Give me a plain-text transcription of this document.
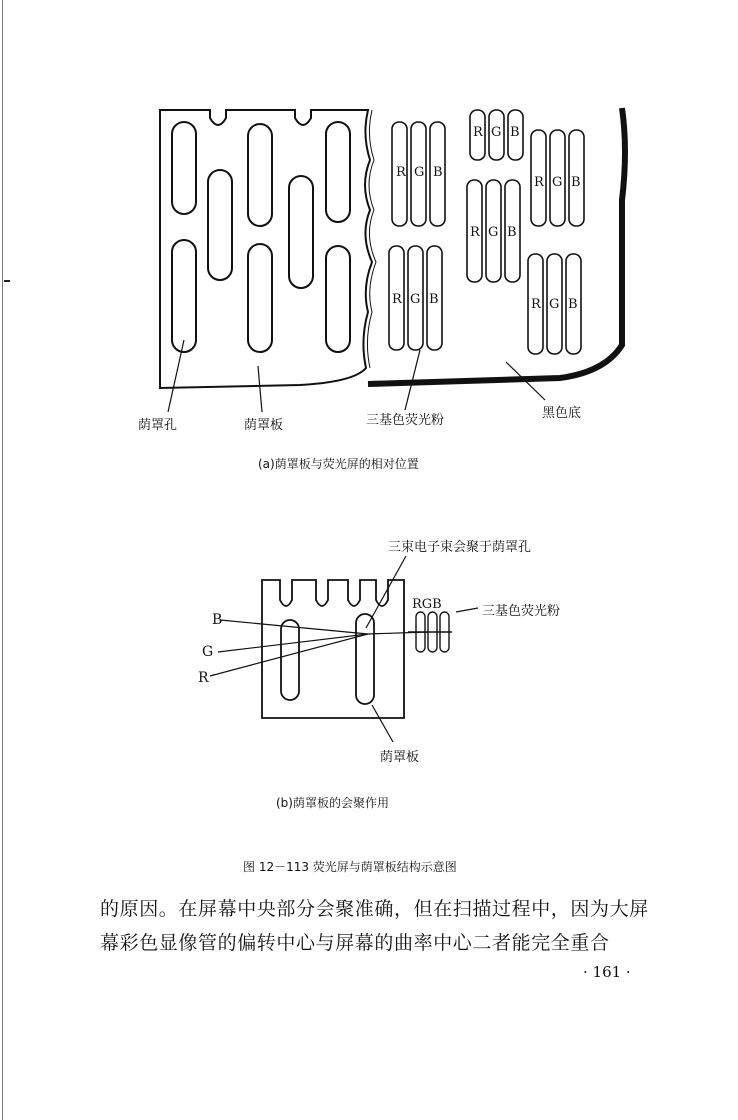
R G B
R G B
R G B
R G B
R G B	R G B
B
G
R
RGB
荫罩孔	荫罩板	三基色荧光粉	黑色底
(a)荫罩板与荧光屏的相对位置
三束电子束会聚于荫罩孔
三基色荧光粉
荫罩板
(b)荫罩板的会聚作用
图 12－113 荧光屏与荫罩板结构示意图
的原因。在屏幕中央部分会聚准确，但在扫描过程中，因为大屏
幕彩色显像管的偏转中心与屏幕的曲率中心二者能完全重合
· 161 ·
